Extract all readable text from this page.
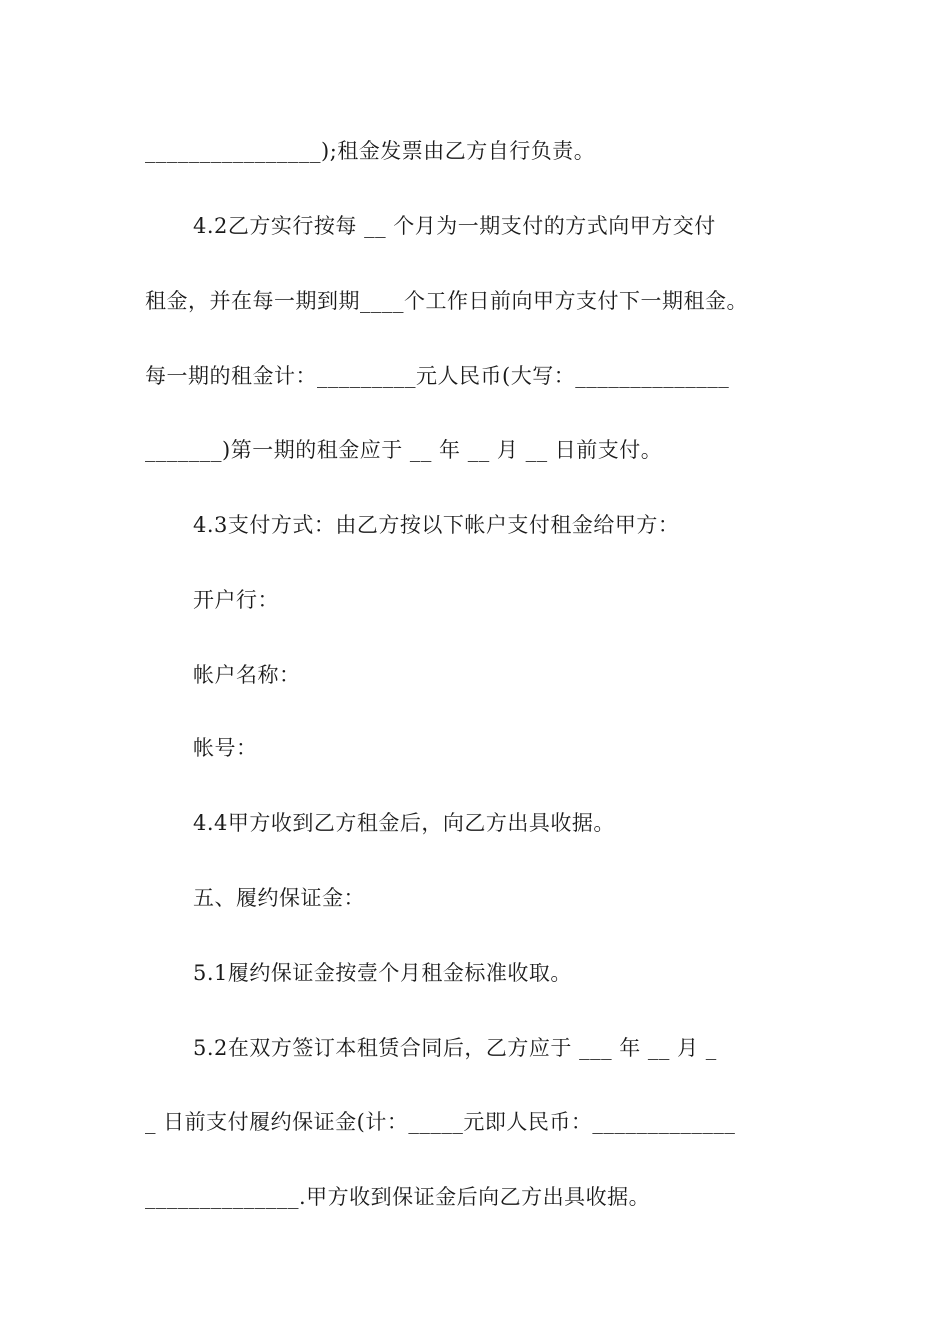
________________);租金发票由乙方自行负责。
4.2乙方实行按每 __ 个月为一期支付的方式向甲方交付
租金，并在每一期到期____个工作日前向甲方支付下一期租金。
每一期的租金计：_________元人民币(大写：______________
_______)第一期的租金应于 __ 年 __ 月 __ 日前支付。
4.3支付方式：由乙方按以下帐户支付租金给甲方：
开户行：
帐户名称：
帐号：
4.4甲方收到乙方租金后，向乙方出具收据。
五、履约保证金：
5.1履约保证金按壹个月租金标准收取。
5.2在双方签订本租赁合同后，乙方应于 ___ 年 __ 月 _
_ 日前支付履约保证金(计：_____元即人民币：_____________
______________.甲方收到保证金后向乙方出具收据。
